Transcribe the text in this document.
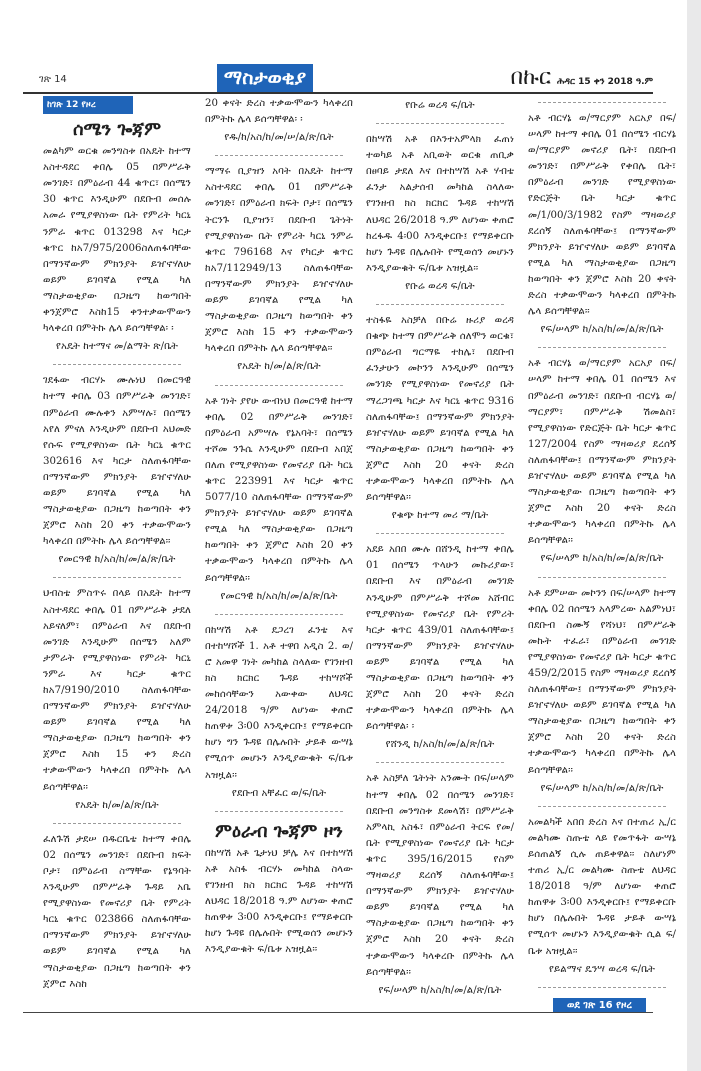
ገጽ 14	ማስታወቂያ	በኩር ሕዳር 15 ቀን 2018 ዓ.ም
ከገጽ 12 የዞረ
ሰሜን ጐጃም

መልካም ወርቁ መንግስቱ በአዴት ከተማ አስተዳደር ቀበሌ 05 በምሥራቅ መንገድ፣ በምዕራብ 44 ቁጥር፣ በሰሜን 30 ቁጥር እንዲሁም በደቡብ መሰሉ አመራ የሚያዋስነው ቤት የምሪት ካርኒ ንምራ ቁጥር 013298 እና ካርታ ቁጥር ከአ7/975/2006ስለጠፋባቸው በማንኛውም ምክንያት ይዠኖሃለሁ ወይም ይገባኛል የሚል ካለ ማስታወቂያው በጋዜጣ ከወጣበት ቀንጀምሮ እስከ15 ቀንተቃውሞውን ካላቀረበ በምትኩ ሌላ ይሰጣቸዋል፡ ፡

የአዴት ከተማና መ/ልማት ጽ/ቤት

ገደፋው ብርሃኑ ሙሉነህ በመርዓዊ ከተማ ቀበሌ 03 በምሥራቅ መንገድ፣ በምዕራብ ሙሉቀን አምሣሉ፣ በሰሜን አየለ ምናለ እንዲሁም በደቡብ አህመድ የሱፍ የሚያዋስነው ቤት ካርኒ ቁጥር 302616 እና ካርታ ስለጠፋባቸው በማንኛውም ምክንያት ይዠኖሃለሁ ወይም ይገባኛል የሚል ካለ ማስታወቂያው በጋዜጣ ከወጣበት ቀን ጀምሮ እስከ 20 ቀን ተቃውሞውን ካላቀረበ በምትኩ ሌላ ይሰጣቸዋል፡፡

የመርዓዊ ከ/አስ/ከ/መ/ል/ጽ/ቤት

ህብስቴ ምስጥሩ በላይ በአዴት ከተማ አስተዳደር ቀበሌ 01 በምሥራቅ ታደለ አይናለም፣ በምዕራብ እና በደቡብ መንገድ እንዲሁም በሰሜን አለም ታምራት የሚያዋስነው የምሪት ካርኒ ንምራ እና ካርታ ቁጥር ከአ7/9190/2010 ስለጠፋባቸው በማንኛውም ምክንያት ይዠኖሃለሁ ወይም ይገባኛል የሚል ካለ ማስታወቂያው በጋዜጣ ከወጣበት ቀን ጀምሮ እስከ 15 ቀን ድረስ ተቃውሞውን ካላቀረበ በምትኩ ሌላ ይሰጣቸዋል፡፡

የአዴት ከ/መ/ል/ጽ/ቤት

ፈለጉሽ ታደሠ በዱርቤቴ ከተማ ቀበሌ 02 በሰሜን መንገድ፣ በደቡብ ክፍት ቦታ፣ በምዕራብ ስማቸው የኔዓባት እንዲሁም በምሥራቅ ጉዳይ አቤ የሚያዋስነው የመኖሪያ ቤት የምሪት ካርኒ ቁጥር 023866 ስለጠፋባቸው በማንኛውም ምክንያት ይዠኖሃለሁ ወይም ይገባኛል የሚል ካለ ማስታወቂያው በጋዜጣ ከወጣበት ቀን ጀምሮ እስከ

20 ቀናት ድረስ ተቃውሞውን ካላቀረበ በምትኩ ሌላ ይሰጣቸዋል፡ ፡

የዱ/ከ/አስ/ከ/መ/ሠ/ል/ጽ/ቤት

ማማሩ ቢያዝን አባት በአዴት ከተማ አስተዳደር ቀበሌ 01 በምሥራቅ መንገድ፣ በምዕራብ ክፍት ቦታ፣ በሰሜን ትርንጉ ቢያዝን፣ በደቡብ ጌትነት የሚያዋስነው ቤት የምሪት ካርኒ ንምራ ቁጥር 796168 እና የካርታ ቁጥር ከአ7/112949/13 ስለጠፋባቸው በማንኛውም ምክንያት ይዠኖሃለሁ ወይም ይገባኛል የሚል ካለ ማስታወቂያው በጋዜጣ ከወጣበት ቀን ጀምሮ እስከ 15 ቀን ተቃውሞውን ካላቀረበ በምትኩ ሌላ ይሰጣቸዋል፡፡

የአዴት ከ/መ/ል/ጽ/ቤት

አቶ ገነት ያየሁ ውብነህ በመርዓዊ ከተማ ቀበሌ 02 በምሥራቅ መንገድ፣ በምዕራብ አምሣሉ የኔአባት፣ በሰሜን ተሾመ ንጉሴ እንዲሁም በደቡብ አበጀ በለጠ የሚያዋስነው የመኖሪያ ቤት ካርኒ ቁጥር 223991 እና ካርታ ቁጥር 5077/10 ስለጠፋባቸው በማንኛውም ምክንያት ይዠኖሃለሁ ወይም ይገባኛል የሚል ካለ ማስታወቂያው በጋዜጣ ከወጣበት ቀን ጀምሮ እስከ 20 ቀን ተቃውሞውን ካላቀረበ በምትኩ ሌላ ይሰጣቸዋል፡፡

የመርዓዊ ከ/አስ/ከ/መ/ል/ጽ/ቤት

በከሣሽ አቶ ደጋረገ ፈንቴ እና በተከሣሾች 1. አቶ ተዋበ አዲስ 2. ወ/ሮ አመዋ ገነት መካከል ስላለው የገንዘብ ክስ ክርክር ጉዳይ ተከሣሾች መከሰሳቸውን አውቀው ለህዳር 24/2018 ዓ/ም ለሆነው ቀጠሮ ከጠዋቱ 3፡00 እንዲቀርቡ፤ የማይቀርቡ ከሆነ ግን ጉዳዩ በሌሉበት ታይቶ ውሣኔ የሚሰጥ መሆኑን እንዲያውቁት ፍ/ቤቱ አዝዟል፡፡

የደቡብ አቸፈር ወ/ፍ/ቤት
ምዕራብ ጐጃም ዞን

በከሣሽ አቶ ጌታነህ ቻሌ እና በተከሣሽ አቶ አስፋ ብርሃኑ መካከል ስላው የገንዘብ ክስ ክርክር ጉዳይ ተከሣሽ ለህዳር 18/2018 ዓ.ም ለሆነው ቀጠሮ ከጠዋቱ 3፡00 እንዲቀርቡ፤ የማይቀርቡ ከሆነ ጉዳዩ በሌሉበት የሚወሰን መሆኑን እንዲያውቁት ፍ/ቤቱ አዝዟል፡፡

የቡሬ ወረዳ ፍ/ቤት

በከሣሽ አቶ በእንተአምላክ ፈጠነ ተወካይ አቶ አቢወት ወርቁ ጠቢቃ በፀባይ ታደለ እና በተከሣሽ አቶ ሃብቴ ፈንታ አልታሰብ መካከል ስላለው የገንዘብ ክስ ክርክር ጉዳይ ተከሣሽ ለህዳር 26/2018 ዓ.ም ለሆነው ቀጠሮ ከረፋዱ 4፡00 እንዲቀርቡ፤ የማይቀርቡ ከሆነ ጉዳዩ በሌሉበት የሚወሰን መሆኑን እንዲያውቁት ፍ/ቤቱ አዝዟል፡፡

የቡሬ ወረዳ ፍ/ቤት

ተስፋዬ አስቻለ በቡሬ ዙሪያ ወረዳ በቁጭ ከተማ በምሥራቅ ሰለሞን ወርቁ፣ በምዕራብ ግርማዬ ተከሌ፣ በደቡብ ፈንታሁን መኮንን እንዲሁም በሰሜን መንገድ የሚያዋስነው የመኖሪያ ቤት ማረጋገጫ ካርታ እና ካርኒ ቁጥር 9316 ስለጠፋባቸው፤ በማንኛውም ምክንያት ይዠኖሃለሁ ወይም ይገባኛል የሚል ካለ ማስታወቂያው በጋዜጣ ከወጣበት ቀን ጀምሮ እስከ 20 ቀናት ድረስ ተቃውሞውን ካላቀረበ በምትኩ ሌላ ይሰጣቸዋል፡፡

የቁጭ ከተማ መሪ ማ/ቤት

አደይ አበበ ሙሉ በሸንዲ ከተማ ቀበሌ 01 በሰሜን ጥላሁን መኩሪያው፣ በደቡብ እና በምዕራብ መንገድ እንዲሁም በምሥራቅ ተሾመ አሸብር የሚያዋስነው የመኖሪያ ቤት የምሪት ካርታ ቁጥር 439/01 ስለጠፋባቸው፤ በማንኛውም ምክንያት ይዠኖሃለሁ ወይም ይገባኛል የሚል ካለ ማስታወቂያው በጋዜጣ ከወጣበት ቀን ጀምሮ እስከ 20 ቀናት ድረስ ተቃውሞውን ካላቀረበ በምትኩ ሌላ ይሰጣቸዋል፡ ፡

የሸንዲ ከ/አስ/ከ/መ/ል/ጽ/ቤት

አቶ አስቻለ ጌትነት አንሙት በፍ/ሠላም ከተማ ቀበሌ 02 በሰሜን መንገድ፣ በደቡብ መንግስቱ ደመላሽ፣ በምሥራቅ አምላኪ አስፋ፣ በምዕራብ ትርፍ የመ/ቤት የሚያዋስነው የመኖሪያ ቤት ካርታ ቁጥር 395/16/2015 የስም ማዛወሪያ ደረሰኝ ስለጠፋባቸው፤ በማንኛውም ምክንያት ይዠኖሃለሁ ወይም ይገባኛል የሚል ካለ ማስታወቂያው በጋዜጣ ከወጣበት ቀን ጀምሮ እስከ 20 ቀናት ድረስ ተቃውሞውን ካላቀረቡ በምትኩ ሌላ ይሰጣቸዋል፡፡

የፍ/ሠላም ከ/አስ/ከ/መ/ል/ጽ/ቤት

አቶ ብርሃኔ ወ/ማርያም አርአያ በፍ/ሠላም ከተማ ቀበሌ 01 በሰሜን ብርሃኔ ወ/ማርያም መኖሪያ ቤት፣ በደቡብ መንገድ፣ በምሥራቅ የቀበሌ ቤት፣ በምዕራብ መንገድ የሚያዋስነው የድርጅት ቤት ካርታ ቁጥር መ/1/00/3/1982 የስም ማዛወሪያ ደረሰኝ ስለጠፋባቸው፤ በማንኛውም ምክንያት ይዠኖሃለሁ ወይም ይገባኛል የሚል ካለ ማስታወቂያው በጋዜጣ ከወጣበት ቀን ጀምሮ እስከ 20 ቀናት ድረስ ተቃውሞውን ካላቀረበ በምትኩ ሌላ ይሰጣቸዋል፡፡

የፍ/ሠላም ከ/አስ/ከ/መ/ል/ጽ/ቤት

አቶ ብርሃኔ ወ/ማርያም አርአያ በፍ/ሠላም ከተማ ቀበሌ 01 በሰሜን እና በምዕራብ መንገድ፣ በደቡብ ብርሃኔ ወ/ማርያም፣ በምሥራቅ ሽመልስ፣ የሚያዋስነው የድርጅት ቤት ካርታ ቁጥር 127/2004 የስም ማዛወሪያ ደረሰኝ ስለጠፋባቸው፤ በማንኛውም ምክንያት ይዠኖሃለሁ ወይም ይገባኛል የሚል ካለ ማስታወቂያው በጋዜጣ ከወጣበት ቀን ጀምሮ እስከ 20 ቀናት ድረስ ተቃውሞውን ካላቀረበ በምትኩ ሌላ ይሰጣቸዋል፡፡

የፍ/ሠላም ከ/አስ/ከ/መ/ል/ጽ/ቤት

አቶ ደምሠው መኮንን በፍ/ሠላም ከተማ ቀበሌ 02 በሰሜን አላምረው አልምነህ፣ በደቡብ ስሙኝ የሻነህ፣ በምሥራቅ መኩት ተፈራ፣ በምዕራብ መንገድ የሚያዋስነው የመኖሪያ ቤት ካርታ ቁጥር 459/2/2015 የስም ማዛወሪያ ደረሰኝ ስለጠፋባቸው፤ በማንኛውም ምክንያት ይዠኖሃለሁ ወይም ይገባኛል የሚል ካለ ማስታወቂያው በጋዜጣ ከወጣበት ቀን ጀምሮ እስከ 20 ቀናት ድረስ ተቃውሞውን ካላቀረበ በምትኩ ሌላ ይሰጣቸዋል፡፡

የፍ/ሠላም ከ/አስ/ከ/መ/ል/ጽ/ቤት

አመልካች አበበ ድረስ እና በተጠሪ ኢ/ር መልካሙ ስጡቴ ላይ የመጥፋት ውሣኔ ይሰጠልኝ ሲሉ ጠይቀዋል፡፡ ስለሆነም ተጠሪ ኢ/ር መልካሙ ስጡቴ ለህዳር 18/2018 ዓ/ም ለሆነው ቀጠሮ ከጠዋቱ 3፡00 እንዲቀርቡ፤ የማይቀርቡ ከሆነ በሌሉበት ጉዳዩ ታይቶ ውሣኔ የሚሰጥ መሆኑን እንዲያውቁት ሲል ፍ/ቤቱ አዝዟል፡፡

የይልማና ዴንሣ ወረዳ ፍ/ቤት
ወደ ገጽ 16 የዞረ
